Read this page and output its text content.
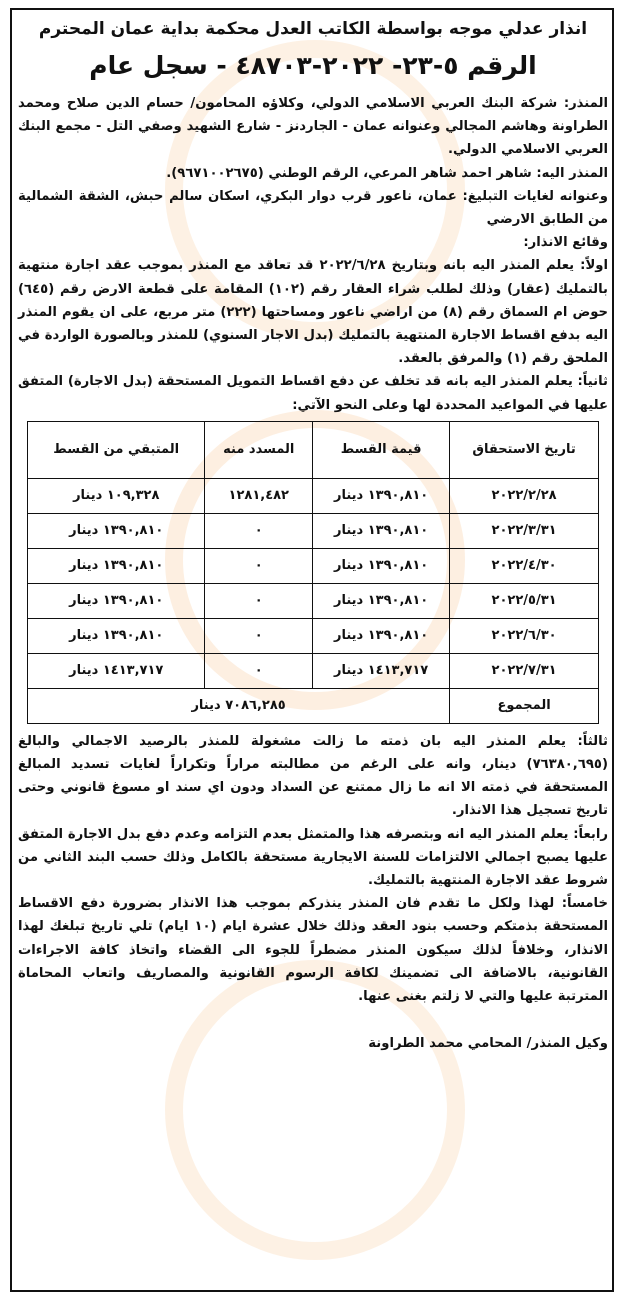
انذار عدلي موجه بواسطة الكاتب العدل محكمة بداية عمان المحترم

الرقم ٥-٢٣- ٢٠٢٢-٤٨٧٠٣ - سجل عام

المنذر: شركة البنك العربي الاسلامي الدولي، وكلاؤه المحامون/ حسام الدين صلاح ومحمد الطراونة وهاشم المجالي وعنوانه عمان - الجاردنز - شارع الشهيد وصفي التل - مجمع البنك العربي الاسلامي الدولي.

المنذر اليه: شاهر احمد شاهر المرعي، الرقم الوطني (٩٦٧١٠٠٢٦٧٥).

وعنوانه لغايات التبليغ: عمان، ناعور قرب دوار البكري، اسكان سالم حبش، الشقة الشمالية من الطابق الارضي

وقائع الانذار:

اولاً: يعلم المنذر اليه بانه وبتاريخ ٢٠٢٢/٦/٢٨ قد تعاقد مع المنذر بموجب عقد اجارة منتهية بالتمليك (عقار) وذلك لطلب شراء العقار رقم (١٠٢) المقامة على قطعة الارض رقم (٦٤٥) حوض ام السماق رقم (٨) من اراضي ناعور ومساحتها (٢٢٢) متر مربع، على ان يقوم المنذر اليه بدفع اقساط الاجارة المنتهية بالتمليك (بدل الاجار السنوي) للمنذر وبالصورة الواردة في الملحق رقم (١) والمرفق بالعقد.

ثانياً: يعلم المنذر اليه بانه قد تخلف عن دفع اقساط التمويل المستحقة (بدل الاجارة) المتفق عليها في المواعيد المحددة لها وعلى النحو الآتي:

تاريخ الاستحقاق	قيمة القسط	المسدد منه	المتبقي من القسط
٢٠٢٢/٢/٢٨	١٣٩٠,٨١٠ دينار	١٢٨١,٤٨٢	١٠٩,٣٢٨ دينار
٢٠٢٢/٣/٣١	١٣٩٠,٨١٠ دينار	٠	١٣٩٠,٨١٠ دينار
٢٠٢٢/٤/٣٠	١٣٩٠,٨١٠ دينار	٠	١٣٩٠,٨١٠ دينار
٢٠٢٢/٥/٣١	١٣٩٠,٨١٠ دينار	٠	١٣٩٠,٨١٠ دينار
٢٠٢٢/٦/٣٠	١٣٩٠,٨١٠ دينار	٠	١٣٩٠,٨١٠ دينار
٢٠٢٢/٧/٣١	١٤١٣,٧١٧ دينار	٠	١٤١٣,٧١٧ دينار
المجموع	٧٠٨٦,٢٨٥ دينار		

ثالثاً: يعلم المنذر اليه بان ذمته ما زالت مشغولة للمنذر بالرصيد الاجمالي والبالغ (٧٦٣٨٠,٦٩٥) دينار، وانه على الرغم من مطالبته مراراً وتكراراً لغايات تسديد المبالغ المستحقة في ذمته الا انه ما زال ممتنع عن السداد ودون اي سند او مسوغ قانوني وحتى تاريخ تسجيل هذا الانذار.

رابعاً: يعلم المنذر اليه انه وبتصرفه هذا والمتمثل بعدم التزامه وعدم دفع بدل الاجارة المتفق عليها يصبح اجمالي الالتزامات للسنة الايجارية مستحقة بالكامل وذلك حسب البند الثاني من شروط عقد الاجارة المنتهية بالتمليك.

خامساً: لهذا ولكل ما تقدم فان المنذر ينذركم بموجب هذا الانذار بضرورة دفع الاقساط المستحقة بذمتكم وحسب بنود العقد وذلك خلال عشرة ايام (١٠ ايام) تلي تاريخ تبلغك لهذا الانذار، وخلافاً لذلك سيكون المنذر مضطراً للجوء الى القضاء واتخاذ كافة الاجراءات القانونية، بالاضافة الى تضمينك لكافة الرسوم القانونية والمصاريف واتعاب المحاماة المترتبة عليها والتي لا زلتم بغنى عنها.

وكيل المنذر/ المحامي محمد الطراونة
